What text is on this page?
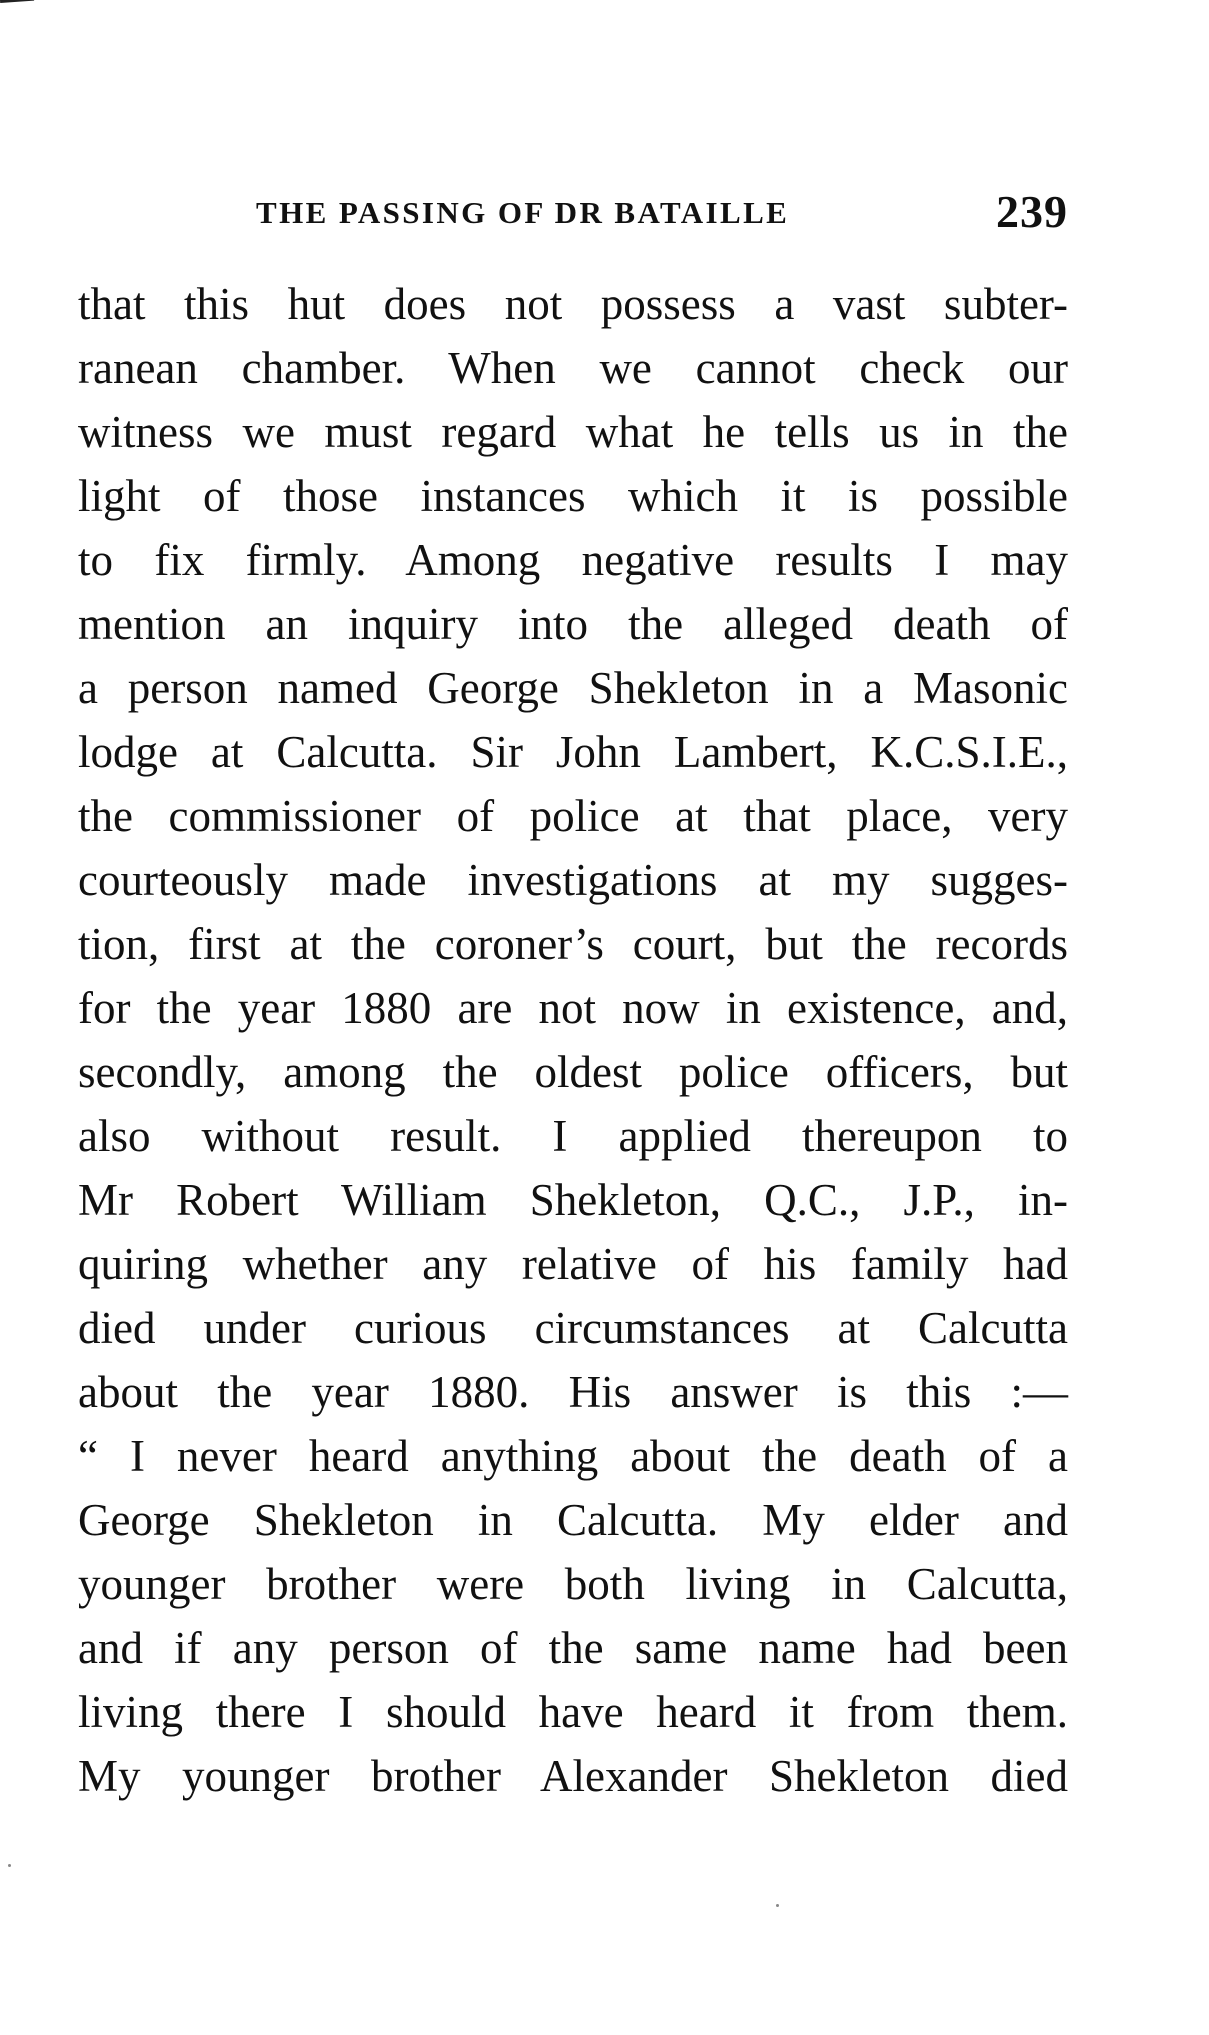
THE PASSING OF DR BATAILLE	239
that this hut does not possess a vast subter-
ranean chamber. When we cannot check our
witness we must regard what he tells us in the
light of those instances which it is possible
to fix firmly. Among negative results I may
mention an inquiry into the alleged death of
a person named George Shekleton in a Masonic
lodge at Calcutta. Sir John Lambert, K.C.S.I.E.,
the commissioner of police at that place, very
courteously made investigations at my sugges-
tion, first at the coroner’s court, but the records
for the year 1880 are not now in existence, and,
secondly, among the oldest police officers, but
also without result. I applied thereupon to
Mr Robert William Shekleton, Q.C., J.P., in-
quiring whether any relative of his family had
died under curious circumstances at Calcutta
about the year 1880. His answer is this :—
“ I never heard anything about the death of a
George Shekleton in Calcutta. My elder and
younger brother were both living in Calcutta,
and if any person of the same name had been
living there I should have heard it from them.
My younger brother Alexander Shekleton died
